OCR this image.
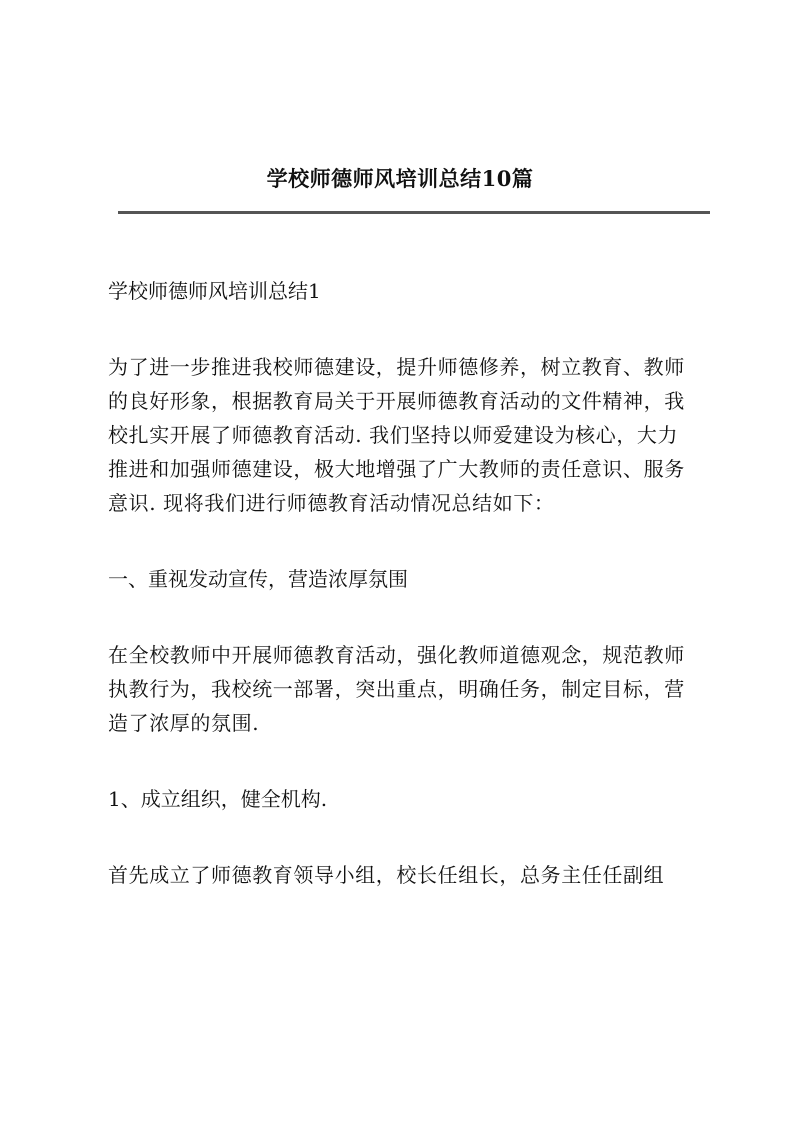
学校师德师风培训总结10篇

学校师德师风培训总结1

为了进一步推进我校师德建设，提升师德修养，树立教育、教师
的良好形象，根据教育局关于开展师德教育活动的文件精神，我
校扎实开展了师德教育活动. 我们坚持以师爱建设为核心，大力
推进和加强师德建设，极大地增强了广大教师的责任意识、服务
意识. 现将我们进行师德教育活动情况总结如下：

一、重视发动宣传，营造浓厚氛围

在全校教师中开展师德教育活动，强化教师道德观念，规范教师
执教行为，我校统一部署，突出重点，明确任务，制定目标，营
造了浓厚的氛围.

1、成立组织，健全机构.

首先成立了师德教育领导小组，校长任组长，总务主任任副组
